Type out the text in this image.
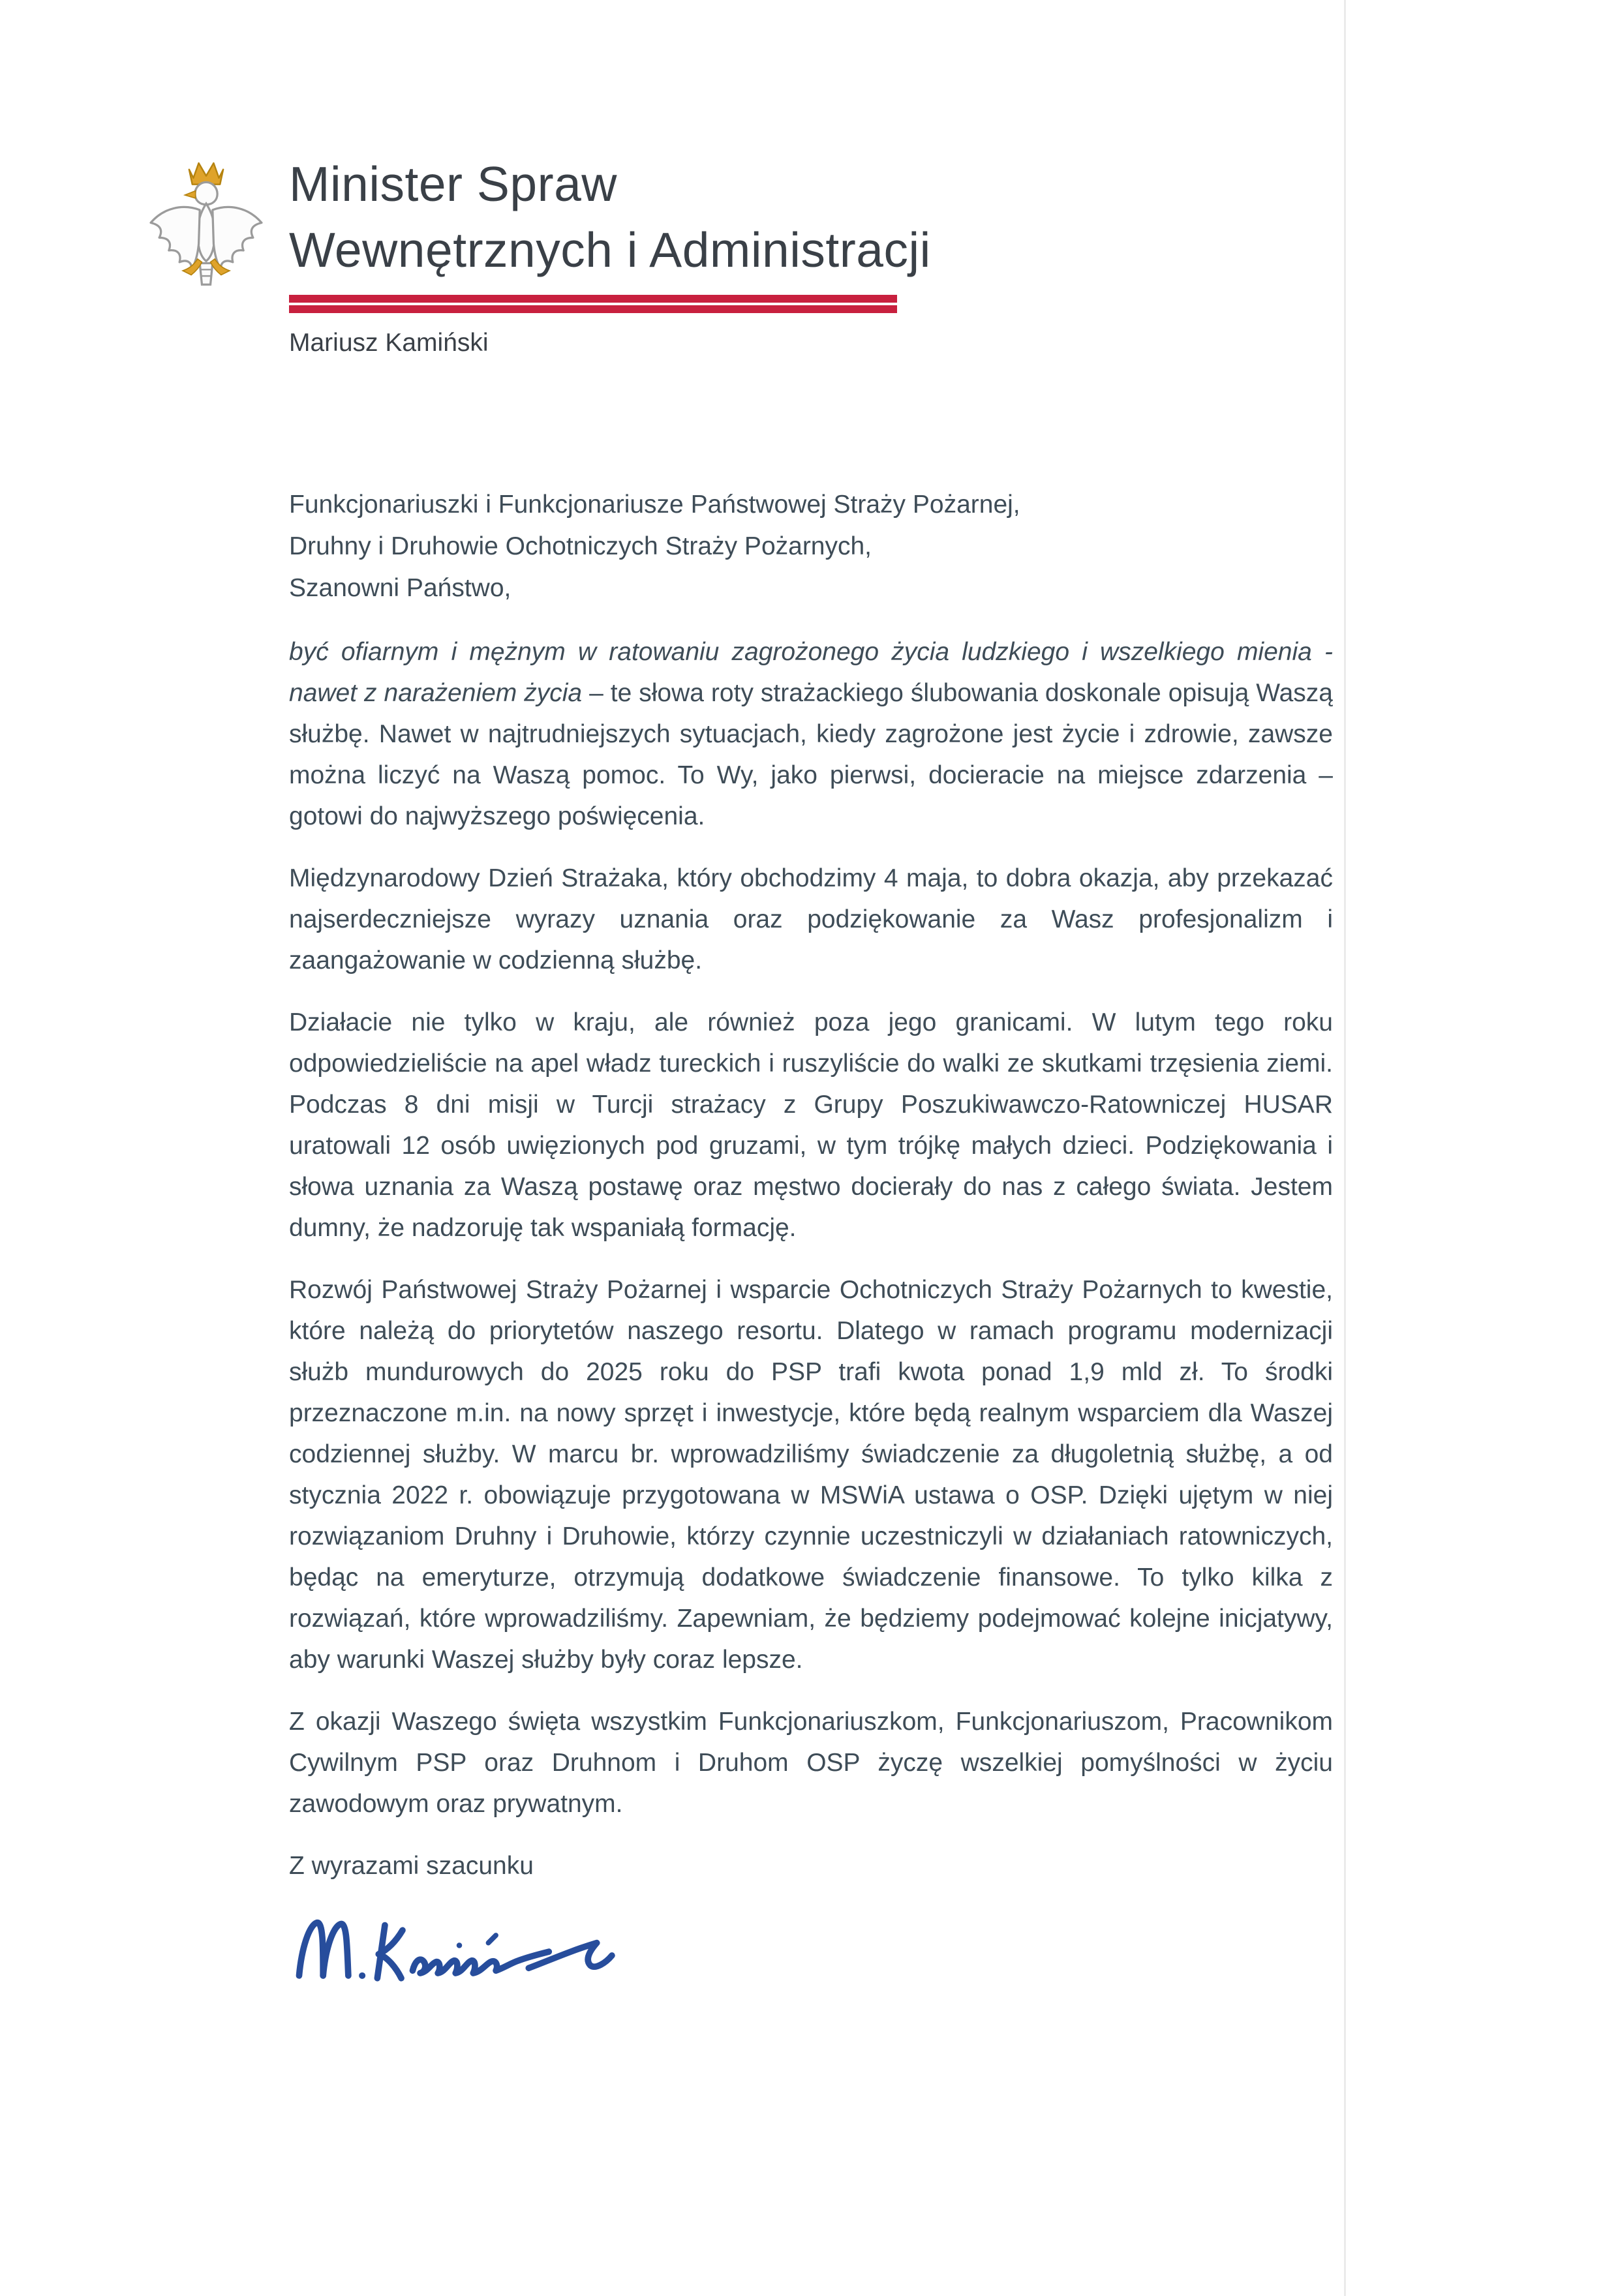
Minister Spraw
Wewnętrznych i Administracji
Mariusz Kamiński
Funkcjonariuszki i Funkcjonariusze Państwowej Straży Pożarnej,
Druhny i Druhowie Ochotniczych Straży Pożarnych,
Szanowni Państwo,

być ofiarnym i mężnym w ratowaniu zagrożonego życia ludzkiego i wszelkiego mienia - nawet z narażeniem życia – te słowa roty strażackiego ślubowania doskonale opisują Waszą służbę. Nawet w najtrudniejszych sytuacjach, kiedy zagrożone jest życie i zdrowie, zawsze można liczyć na Waszą pomoc. To Wy, jako pierwsi, docieracie na miejsce zdarzenia – gotowi do najwyższego poświęcenia.

Międzynarodowy Dzień Strażaka, który obchodzimy 4 maja, to dobra okazja, aby przekazać najserdeczniejsze wyrazy uznania oraz podziękowanie za Wasz profesjonalizm i zaangażowanie w codzienną służbę.

Działacie nie tylko w kraju, ale również poza jego granicami. W lutym tego roku odpowiedzieliście na apel władz tureckich i ruszyliście do walki ze skutkami trzęsienia ziemi. Podczas 8 dni misji w Turcji strażacy z Grupy Poszukiwawczo-Ratowniczej HUSAR uratowali 12 osób uwięzionych pod gruzami, w tym trójkę małych dzieci. Podziękowania i słowa uznania za Waszą postawę oraz męstwo docierały do nas z całego świata. Jestem dumny, że nadzoruję tak wspaniałą formację.

Rozwój Państwowej Straży Pożarnej i wsparcie Ochotniczych Straży Pożarnych to kwestie, które należą do priorytetów naszego resortu. Dlatego w ramach programu modernizacji służb mundurowych do 2025 roku do PSP trafi kwota ponad 1,9 mld zł. To środki przeznaczone m.in. na nowy sprzęt i inwestycje, które będą realnym wsparciem dla Waszej codziennej służby. W marcu br. wprowadziliśmy świadczenie za długoletnią służbę, a od stycznia 2022 r. obowiązuje przygotowana w MSWiA ustawa o OSP. Dzięki ujętym w niej rozwiązaniom Druhny i Druhowie, którzy czynnie uczestniczyli w działaniach ratowniczych, będąc na emeryturze, otrzymują dodatkowe świadczenie finansowe. To tylko kilka z rozwiązań, które wprowadziliśmy. Zapewniam, że będziemy podejmować kolejne inicjatywy, aby warunki Waszej służby były coraz lepsze.

Z okazji Waszego święta wszystkim Funkcjonariuszkom, Funkcjonariuszom, Pracownikom Cywilnym PSP oraz Druhnom i Druhom OSP życzę wszelkiej pomyślności w życiu zawodowym oraz prywatnym.

Z wyrazami szacunku
